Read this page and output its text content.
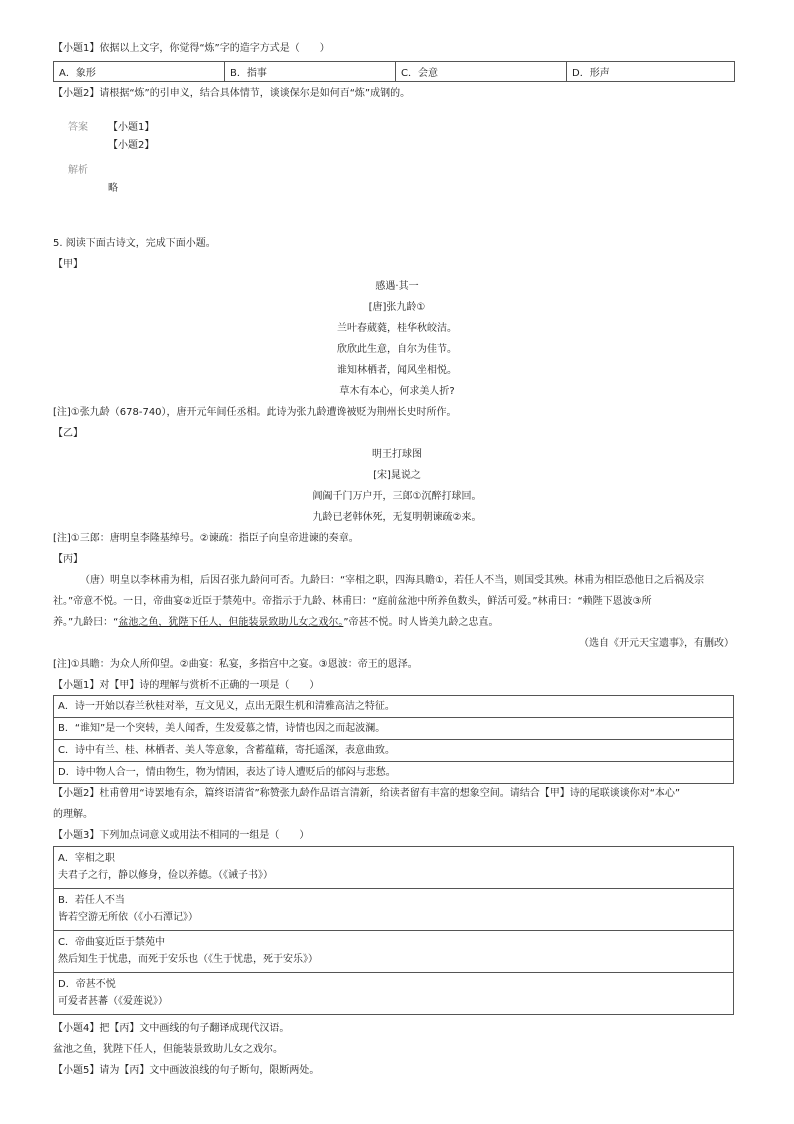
【小题1】依据以上文字，你觉得“炼”字的造字方式是（　　）
A．象形	B．指事	C．会意	D．形声
【小题2】请根据“炼”的引申义，结合具体情节，谈谈保尔是如何百“炼”成钢的。
答案 【小题1】
【小题2】
解析
略
5. 阅读下面古诗文，完成下面小题。
【甲】
感遇·其一
[唐]张九龄①
兰叶春葳蕤，桂华秋皎洁。
欣欣此生意，自尔为佳节。
谁知林栖者，闻风坐相悦。
草木有本心，何求美人折?
[注]①张九龄（678-740），唐开元年间任丞相。此诗为张九龄遭谗被贬为荆州长史时所作。
【乙】
明王打球图
[宋]晁说之
阊阖千门万户开，三郎①沉醉打球回。
九龄已老韩休死，无复明朝谏疏②来。
[注]①三郎：唐明皇李隆基绰号。②谏疏：指臣子向皇帝进谏的奏章。
【丙】
（唐）明皇以李林甫为相，后因召张九龄问可否。九龄曰：“宰相之职，四海具瞻①，若任人不当，则国受其殃。林甫为相臣恐他日之后祸及宗
社。”帝意不悦。一日，帝曲宴②近臣于禁苑中。帝指示于九龄、林甫曰：“庭前盆池中所养鱼数头，鲜活可爱。”林甫曰：“赖陛下恩波③所
养。”九龄曰：“盆池之鱼，犹陛下任人，但能装景致助儿女之戏尔。”帝甚不悦。时人皆美九龄之忠直。
（选自《开元天宝遗事》，有删改）
[注]①具瞻：为众人所仰望。②曲宴：私宴，多指宫中之宴。③恩波：帝王的恩泽。
【小题1】对【甲】诗的理解与赏析不正确的一项是（　　）
A．诗一开始以春兰秋桂对举，互文见义，点出无限生机和清雅高洁之特征。
B．“谁知”是一个突转，美人闻香，生发爱慕之情，诗情也因之而起波澜。
C．诗中有兰、桂、林栖者、美人等意象，含蓄蕴藉，寄托遥深，表意曲致。
D．诗中物人合一，情由物生，物为情困，表达了诗人遭贬后的郁闷与悲愁。
【小题2】杜甫曾用“诗罢地有余，篇终语清省”称赞张九龄作品语言清新，给读者留有丰富的想象空间。请结合【甲】诗的尾联谈谈你对“本心”
的理解。
【小题3】下列加点词意义或用法不相同的一组是（　　）
A．宰相之职
夫君子之行，静以修身，俭以养德。（《诫子书》）
B．若任人不当
皆若空游无所依（《小石潭记》）
C．帝曲宴近臣于禁苑中
然后知生于忧患，而死于安乐也（《生于忧患，死于安乐》）
D．帝甚不悦
可爱者甚蕃（《爱莲说》）
【小题4】把【丙】文中画线的句子翻译成现代汉语。
盆池之鱼，犹陛下任人，但能装景致助儿女之戏尔。
【小题5】请为【丙】文中画波浪线的句子断句，限断两处。
